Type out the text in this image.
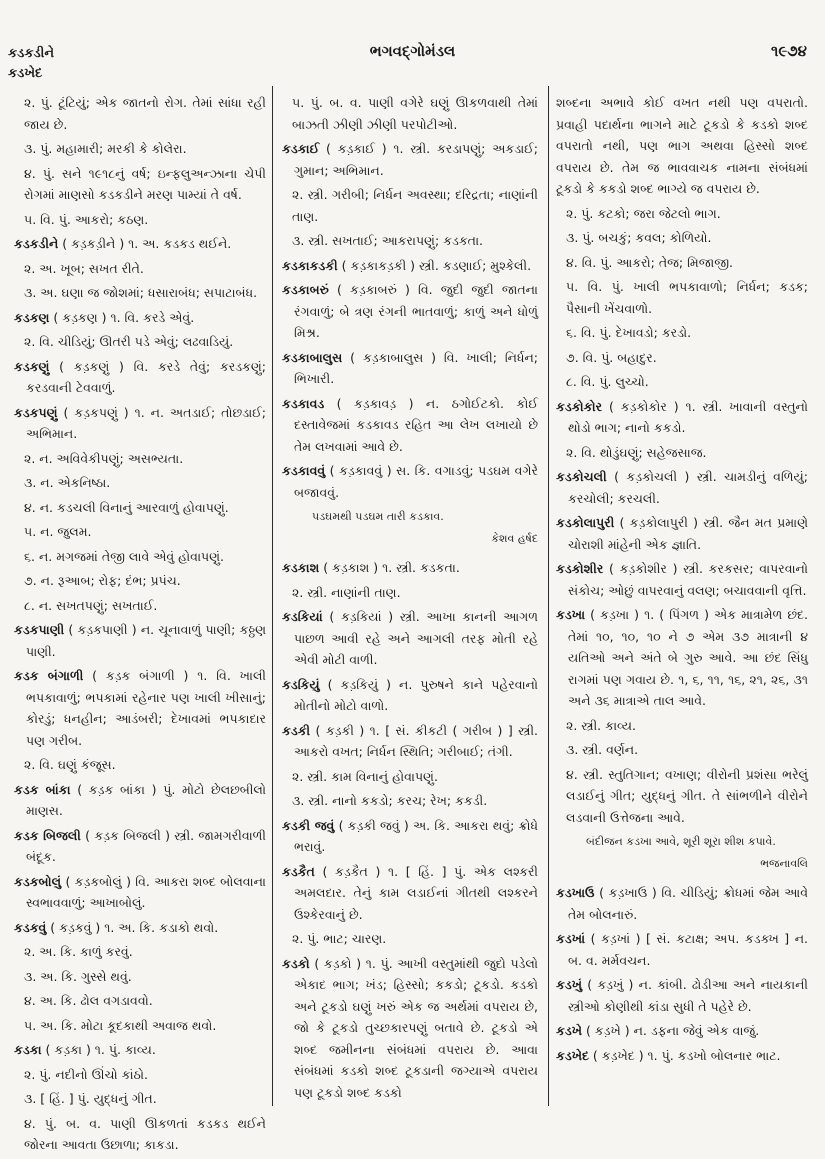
કડકડીને
કડખેદ
ભગવદ્ગોમંડલ	૧૯૭૪

૨. પું. ટૂંટિયું; એક જાતનો રોગ. તેમાં સાંધા રહી જાય છે.

૩. પું. મહામારી; મરકી કે કોલેરા.

૪. પું. સને ૧૯૧૮નું વર્ષ; ઇન્ફલુઅન્ઝાના ચેપી રોગમાં માણસો કડકડીને મરણ પામ્યાં તે વર્ષ.

૫. વિ. પું. આકરો; કઠણ.

કડકડીને ( કડ઼કડ઼ીને ) ૧. અ. કડકડ થઈને.

૨. અ. ખૂબ; સખત રીતે.

૩. અ. ઘણા જ જોશમાં; ધસારાબંધ; સપાટાબંધ.

કડકણ ( કડ઼કણ ) ૧. વિ. કરડે એવું.

૨. વિ. ચીડિયું; ઊતરી પડે એવું; લઢવાડિયું.

કડકણું ( કડ઼કણું ) વિ. કરડે તેવું; કરડકણું; કરડવાની ટેવવાળું.

કડકપણું ( કડ઼કપણું ) ૧. ન. અતડાઈ; તોછડાઈ; અભિમાન.

૨. ન. અવિવેકીપણું; અસભ્યતા.

૩. ન. એકનિષ્ઠા.

૪. ન. કડચલી વિનાનું આરવાળું હોવાપણું.

૫. ન. જુલમ.

૬. ન. મગજમાં તેજી લાવે એવું હોવાપણું.

૭. ન. રૂઆબ; રોફ; દંભ; પ્રપંચ.

૮. ન. સખતપણું; સખતાઈ.

કડકપાણી ( કડ઼કપાણી ) ન. ચૂનાવાળું પાણી; કઠ્ઠણ પાણી.

કડક બંગાળી ( કડ઼ક બંગાળી ) ૧. વિ. ખાલી ભપકાવાળું; ભપકામાં રહેનાર પણ ખાલી ખીસાનું; કોરડું; ધનહીન; આડંબરી; દેખાવમાં ભપકાદાર પણ ગરીબ.

૨. વિ. ઘણું કંજૂસ.

કડક બાંકા ( કડ઼ક બાંકા ) પું. મોટો છેલછબીલો માણસ.

કડક બિજલી ( કડ઼ક બિજલી ) સ્ત્રી. જામગરીવાળી બંદૂક.

કડકબોલું ( કડ઼કબોલું ) વિ. આકરા શબ્દ બોલવાના સ્વભાવવાળું; આખાબોલું.

કડકવું ( કડ઼કવું ) ૧. અ. કિ. કડાકો થવો.

૨. અ. કિ. કાળું કરવું.

૩. અ. કિ. ગુસ્સે થવું.

૪. અ. કિ. ઢોલ વગડાવવો.

૫. અ. કિ. મોટા કૂદકાથી અવાજ થવો.

કડકા ( કડ઼કા ) ૧. પું. કાવ્ય.

૨. પું. નદીનો ઊંચો કાંઠો.

૩. [ હિં. ] પું. યુદ્ધનું ગીત.

૪. પું. બ. વ. પાણી ઊકળતાં કડકડ થઈને જોરના આવતા ઉછાળા; કાકડા.

૫. પું. બ. વ. પાણી વગેરે ઘણું ઊકળવાથી તેમાં બાઝતી ઝીણી ઝીણી પરપોટીઓ.

કડકાઈ ( કડ઼કાઈ ) ૧. સ્ત્રી. કરડાપણું; અકડાઈ; ગુમાન; અભિમાન.

૨. સ્ત્રી. ગરીબી; નિર્ધન અવસ્થા; દરિદ્રતા; નાણાંની તાણ.

૩. સ્ત્રી. સખતાઈ; આકરાપણું; કડકતા.

કડકાકડકી ( કડ઼કાકડ઼કી ) સ્ત્રી. કડણાઈ; મુશ્કેલી.

કડકાબરું ( કડ઼કાબરું ) વિ. જુદી જુદી જાતના રંગવાળું; બે ત્રણ રંગની ભાતવાળું; કાળું અને ધોળું મિશ્ર.

કડકાબાલુસ ( કડ઼કાબાલુસ ) વિ. ખાલી; નિર્ધન; ભિખારી.

કડકાવડ ( કડ઼કાવડ઼ ) ન. ઠગોઈટકો. કોઈ દસ્તાવેજમાં કડકાવડ રહિત આ લેખ લખાયો છે તેમ લખવામાં આવે છે.

કડકાવવું ( કડ઼કાવવું ) સ. કિ. વગાડવું; પડઘમ વગેરે બજાવવું.

પડઘમથી પડઘમ તારી કડકાવ.

કેશવ હર્ષદ

કડકાશ ( કડ઼કાશ ) ૧. સ્ત્રી. કડકતા.

૨. સ્ત્રી. નાણાંની તાણ.

કડકિયાં ( કડ઼કિયાં ) સ્ત્રી. આખા કાનની આગળ પાછળ આવી રહે અને આગલી તરફ મોતી રહે એવી મોટી વાળી.

કડકિયું ( કડ઼કિયું ) ન. પુરુષને કાને પહેરવાનો મોતીનો મોટો વાળો.

કડકી ( કડ઼કી ) ૧. [ સં. કીકટી ( ગરીબ ) ] સ્ત્રી. આકરો વખત; નિર્ધન સ્થિતિ; ગરીબાઈ; તંગી.

૨. સ્ત્રી. કામ વિનાનું હોવાપણું.

૩. સ્ત્રી. નાનો કકડો; કરચ; રેખ; કકડી.

કડકી જવું ( કડ઼કી જવું ) અ. કિ. આકરા થવું; ક્રોધે ભરાવું.

કડકૈત ( કડ઼કૈત ) ૧. [ હિં. ] પું. એક લશ્કરી અમલદાર. તેનું કામ લડાઈનાં ગીતથી લશ્કરને ઉશ્કેરવાનું છે.

૨. પું. ભાટ; ચારણ.

કડકો ( કડ઼કો ) ૧. પું. આખી વસ્તુમાંથી જુદો પડેલો એકાદ ભાગ; ખંડ; હિસ્સો; કકડો; ટૂકડો. કડકો અને ટૂકડો ઘણું ખરું એક જ અર્થમાં વપરાય છે, જો કે ટૂકડો તુચ્છકારપણું બતાવે છે. ટૂકડો એ શબ્દ જમીનના સંબંધમાં વપરાય છે. આવા સંબંધમાં કડકો શબ્દ ટૂકડાની જગ્યાએ વપરાય પણ ટૂકડો શબ્દ કડકો

શબ્દના અભાવે કોઈ વખત નથી પણ વપરાતો. પ્રવાહી પદાર્થના ભાગને માટે ટૂકડો કે કડકો શબ્દ વપરાતો નથી, પણ ભાગ અથવા હિસ્સો શબ્દ વપરાય છે. તેમ જ ભાવવાચક નામના સંબંધમાં ટૂકડો કે કકડો શબ્દ ભાગ્યે જ વપરાય છે.

૨. પું. કટકો; જરા જેટલો ભાગ.

૩. પું. બચકું; કવલ; કોળિયો.

૪. વિ. પું. આકરો; તેજ; મિજાજી.

૫. વિ. પું. ખાલી ભપકાવાળો; નિર્ધન; કડક; પૈસાની ખેંચવાળો.

૬. વિ. પું. દેખાવડો; કરડો.

૭. વિ. પું. બહાદુર.

૮. વિ. પું. લુચ્ચો.

કડકોકોર ( કડ઼કોકોર ) ૧. સ્ત્રી. ખાવાની વસ્તુનો થોડો ભાગ; નાનો કકડો.

૨. વિ. થોડુંઘણું; સહેજસાજ.

કડકોચલી ( કડ઼કોચલી ) સ્ત્રી. ચામડીનું વળિયું; કરચોલી; કરચલી.

કડકોલાપુરી ( કડ઼કોલાપુરી ) સ્ત્રી. જૈન મત પ્રમાણે ચોરાશી માંહેની એક જ્ઞાતિ.

કડકોશીર ( કડ઼કોશીર ) સ્ત્રી. કરકસર; વાપરવાનો સંકોચ; ઓછું વાપરવાનું વલણ; બચાવવાની વૃત્તિ.

કડખા ( કડ઼ખા ) ૧. ( પિંગળ ) એક માત્રામેળ છંદ. તેમાં ૧૦, ૧૦, ૧૦ ને ૭ એમ ૩૭ માત્રાની ૪ યતિઓ અને અંતે બે ગુરુ આવે. આ છંદ સિંધુ રાગમાં પણ ગવાય છે. ૧, ૬, ૧૧, ૧૬, ૨૧, ૨૬, ૩૧ અને ૩૬ માત્રાએ તાલ આવે.

૨. સ્ત્રી. કાવ્ય.

૩. સ્ત્રી. વર્ણન.

૪. સ્ત્રી. સ્તુતિગાન; વખાણ; વીરોની પ્રશંસા ભરેલું લડાઈનું ગીત; યુદ્ધનું ગીત. તે સાંભળીને વીરોને લડવાની ઉત્તેજના આવે.

બંદીજન કડખા આવે, શૂરી શૂરા શીશ કપાવે.

ભજનાવલિ

કડખાઉ ( કડ઼ખાઉ ) વિ. ચીડિયું; ક્રોધમાં જેમ આવે તેમ બોલનારું.

કડખાં ( કડ઼ખાં ) [ સં. કટાક્ષ; અપ. કડક્ખ ] ન. બ. વ. મર્મવચન.

કડખું ( કડ઼ખું ) ન. કાંબી. ઢોડીઆ અને નાયકાની સ્ત્રીઓ કોણીથી કાંડા સુધી તે પહેરે છે.

કડખે ( કડ઼ખે ) ન. ડફના જેવું એક વાજું.

કડખેદ ( કડ઼ખેદ ) ૧. પું. કડખો બોલનાર ભાટ.
